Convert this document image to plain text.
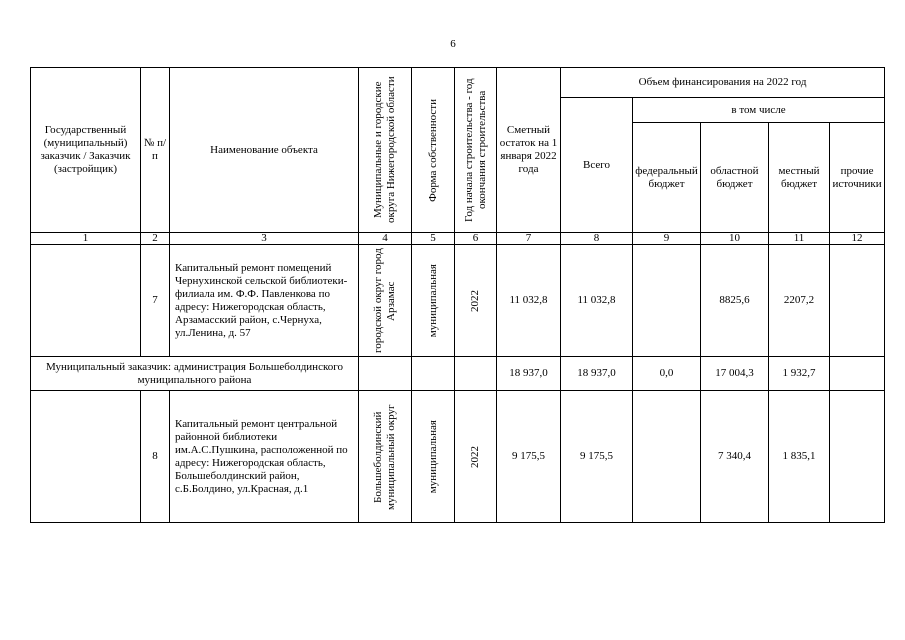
6
Государственный (муниципальный) заказчик / Заказчик (застройщик)	№ п/п	Наименование объекта	Муниципальные и городские округа Нижегородской области	Форма собственности	Год начала строительства - год окончания строительства	Сметный остаток на 1 января 2022 года	Объем финансирования на 2022 год				
							Всего	в том числе			
								федеральный бюджет	областной бюджет	местный бюджет	прочие источники
1	2	3	4	5	6	7	8	9	10	11	12
	7	Капитальный ремонт помещений Чернухинской сельской библиотеки-филиала им. Ф.Ф. Павленкова по адресу: Нижегородская область, Арзамасский район, с.Чернуха, ул.Ленина, д. 57	городской округ город Арзамас	муниципальная	2022	11 032,8	11 032,8		8825,6	2207,2	
Муниципальный заказчик: администрация Большеболдинского муниципального района						18 937,0	18 937,0	0,0	17 004,3	1 932,7	
	8	Капитальный ремонт центральной районной библиотеки им.А.С.Пушкина, расположенной по адресу: Нижегородская область, Большеболдинский район, с.Б.Болдино, ул.Красная, д.1	Большеболдинский муниципальный округ	муниципальная	2022	9 175,5	9 175,5		7 340,4	1 835,1	
